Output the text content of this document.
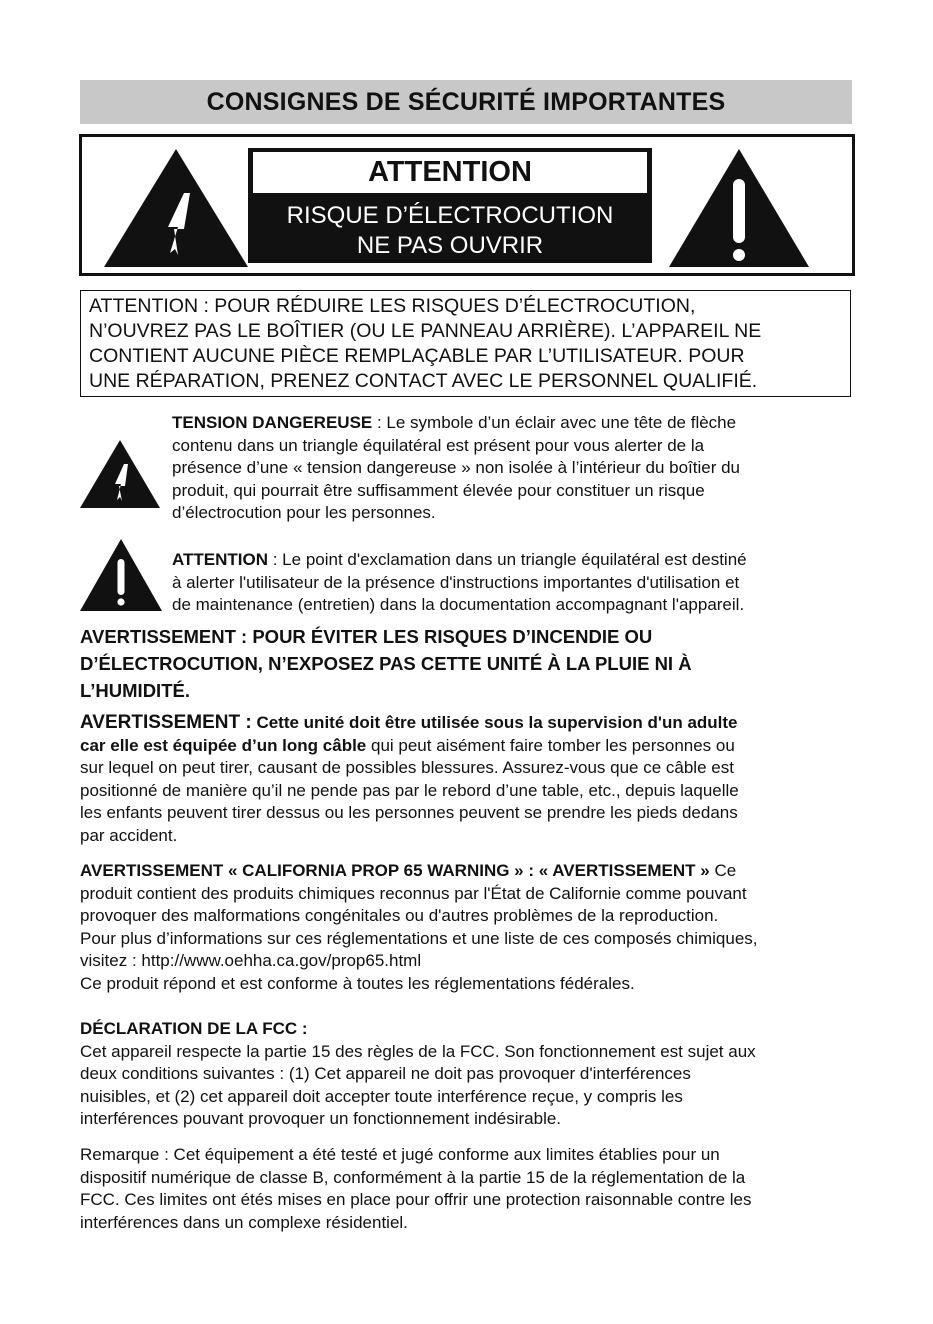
CONSIGNES DE SÉCURITÉ IMPORTANTES
ATTENTION
RISQUE D’ÉLECTROCUTION
NE PAS OUVRIR

ATTENTION : POUR RÉDUIRE LES RISQUES D’ÉLECTROCUTION,

N’OUVREZ PAS LE BOÎTIER (OU LE PANNEAU ARRIÈRE). L’APPAREIL NE

CONTIENT AUCUNE PIÈCE REMPLAÇABLE PAR L’UTILISATEUR. POUR

UNE RÉPARATION, PRENEZ CONTACT AVEC LE PERSONNEL QUALIFIÉ.

TENSION DANGEREUSE : Le symbole d’un éclair avec une tête de flèche

contenu dans un triangle équilatéral est présent pour vous alerter de la

présence d’une « tension dangereuse » non isolée à l’intérieur du boîtier du

produit, qui pourrait être suffisamment élevée pour constituer un risque

d’électrocution pour les personnes.

ATTENTION : Le point d'exclamation dans un triangle équilatéral est destiné

à alerter l'utilisateur de la présence d'instructions importantes d'utilisation et

de maintenance (entretien) dans la documentation accompagnant l'appareil.

AVERTISSEMENT : POUR ÉVITER LES RISQUES D’INCENDIE OU

D’ÉLECTROCUTION, N’EXPOSEZ PAS CETTE UNITÉ À LA PLUIE NI À

L’HUMIDITÉ.

AVERTISSEMENT : Cette unité doit être utilisée sous la supervision d'un adulte

car elle est équipée d’un long câble qui peut aisément faire tomber les personnes ou

sur lequel on peut tirer, causant de possibles blessures. Assurez-vous que ce câble est

positionné de manière qu’il ne pende pas par le rebord d’une table, etc., depuis laquelle

les enfants peuvent tirer dessus ou les personnes peuvent se prendre les pieds dedans

par accident.

AVERTISSEMENT « CALIFORNIA PROP 65 WARNING » : « AVERTISSEMENT » Ce

produit contient des produits chimiques reconnus par l'État de Californie comme pouvant

provoquer des malformations congénitales ou d'autres problèmes de la reproduction.

Pour plus d’informations sur ces réglementations et une liste de ces composés chimiques,

visitez : http://www.oehha.ca.gov/prop65.html

Ce produit répond et est conforme à toutes les réglementations fédérales.

DÉCLARATION DE LA FCC :

Cet appareil respecte la partie 15 des règles de la FCC. Son fonctionnement est sujet aux

deux conditions suivantes : (1) Cet appareil ne doit pas provoquer d'interférences

nuisibles, et (2) cet appareil doit accepter toute interférence reçue, y compris les

interférences pouvant provoquer un fonctionnement indésirable.

Remarque : Cet équipement a été testé et jugé conforme aux limites établies pour un

dispositif numérique de classe B, conformément à la partie 15 de la réglementation de la

FCC. Ces limites ont étés mises en place pour offrir une protection raisonnable contre les

interférences dans un complexe résidentiel.
